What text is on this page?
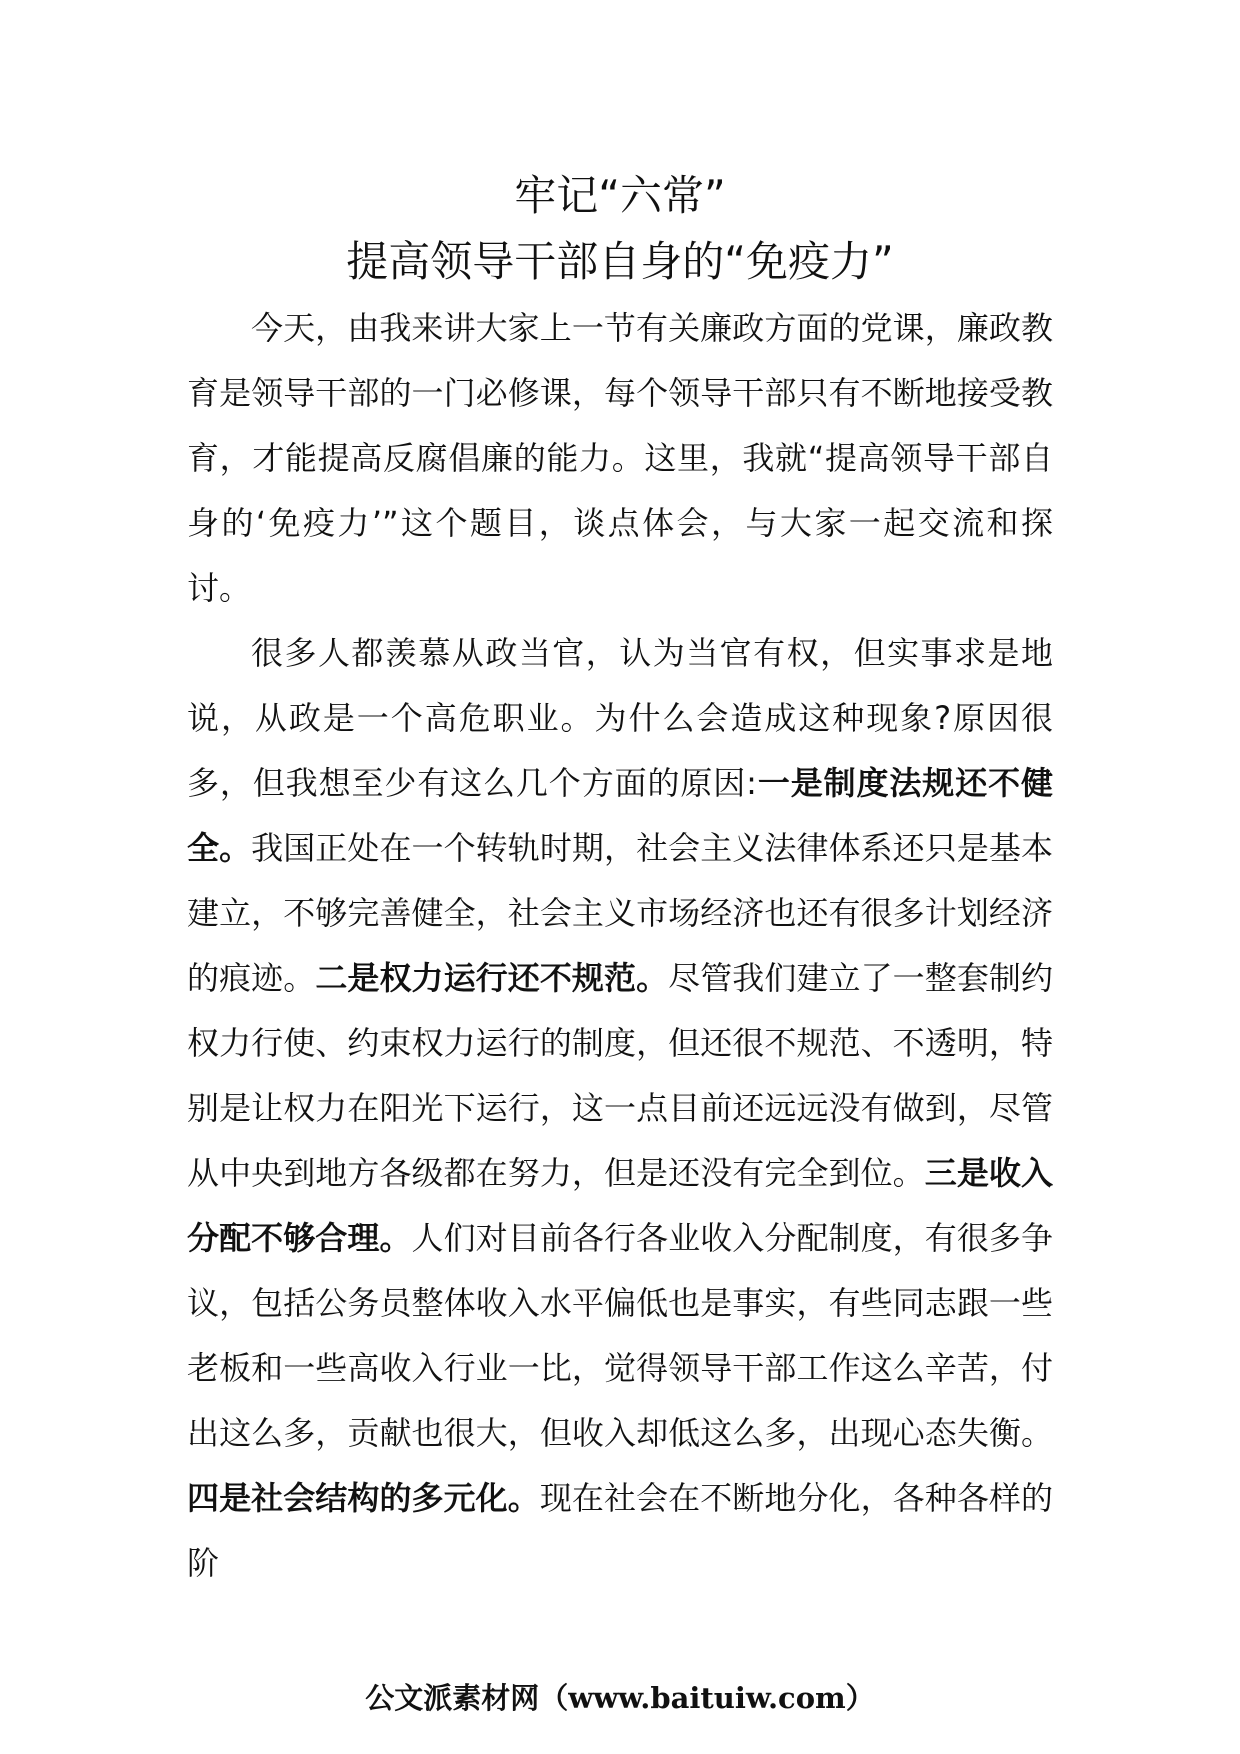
牢记“六常”
提高领导干部自身的“免疫力”

今天，由我来讲大家上一节有关廉政方面的党课，廉政教育是领导干部的一门必修课，每个领导干部只有不断地接受教育，才能提高反腐倡廉的能力。这里，我就“提高领导干部自身的‘免疫力’”这个题目，谈点体会，与大家一起交流和探讨。

很多人都羡慕从政当官，认为当官有权，但实事求是地说，从政是一个高危职业。为什么会造成这种现象?原因很多，但我想至少有这么几个方面的原因:一是制度法规还不健全。我国正处在一个转轨时期，社会主义法律体系还只是基本建立，不够完善健全，社会主义市场经济也还有很多计划经济的痕迹。二是权力运行还不规范。尽管我们建立了一整套制约权力行使、约束权力运行的制度，但还很不规范、不透明，特别是让权力在阳光下运行，这一点目前还远远没有做到，尽管从中央到地方各级都在努力，但是还没有完全到位。三是收入分配不够合理。人们对目前各行各业收入分配制度，有很多争议，包括公务员整体收入水平偏低也是事实，有些同志跟一些老板和一些高收入行业一比，觉得领导干部工作这么辛苦，付出这么多，贡献也很大，但收入却低这么多，出现心态失衡。四是社会结构的多元化。现在社会在不断地分化，各种各样的阶

公文派素材网（www.baituiw.com）
